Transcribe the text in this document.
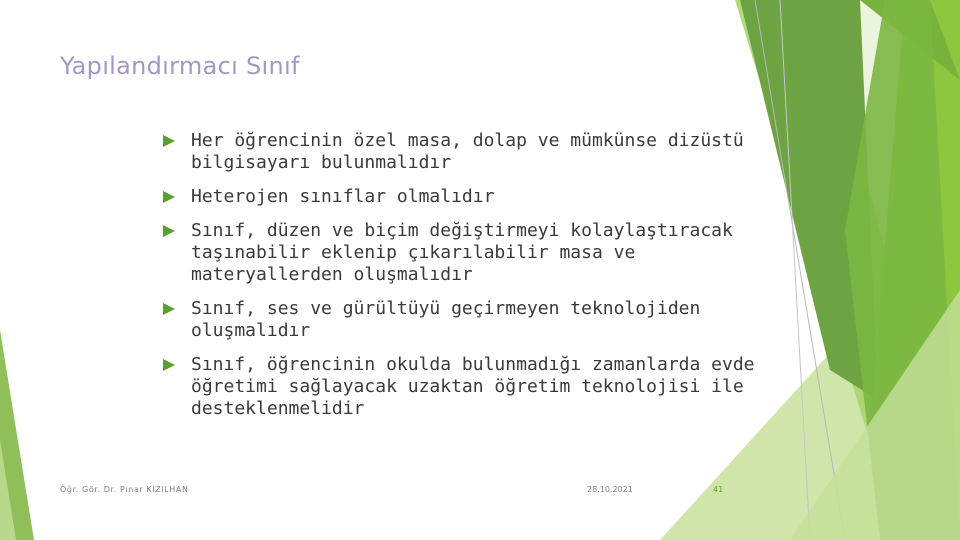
Yapılandırmacı Sınıf
Her öğrencinin özel masa, dolap ve mümkünse dizüstü bilgisayarı bulunmalıdır
Heterojen sınıflar olmalıdır
Sınıf, düzen ve biçim değiştirmeyi kolaylaştıracak taşınabilir eklenip çıkarılabilir masa ve materyallerden oluşmalıdır
Sınıf, ses ve gürültüyü geçirmeyen teknolojiden oluşmalıdır
Sınıf, öğrencinin okulda bulunmadığı zamanlarda evde öğretimi sağlayacak uzaktan öğretim teknolojisi ile desteklenmelidir
Öğr. Gör. Dr. Pınar KIZILHAN	28.10.2021	41
